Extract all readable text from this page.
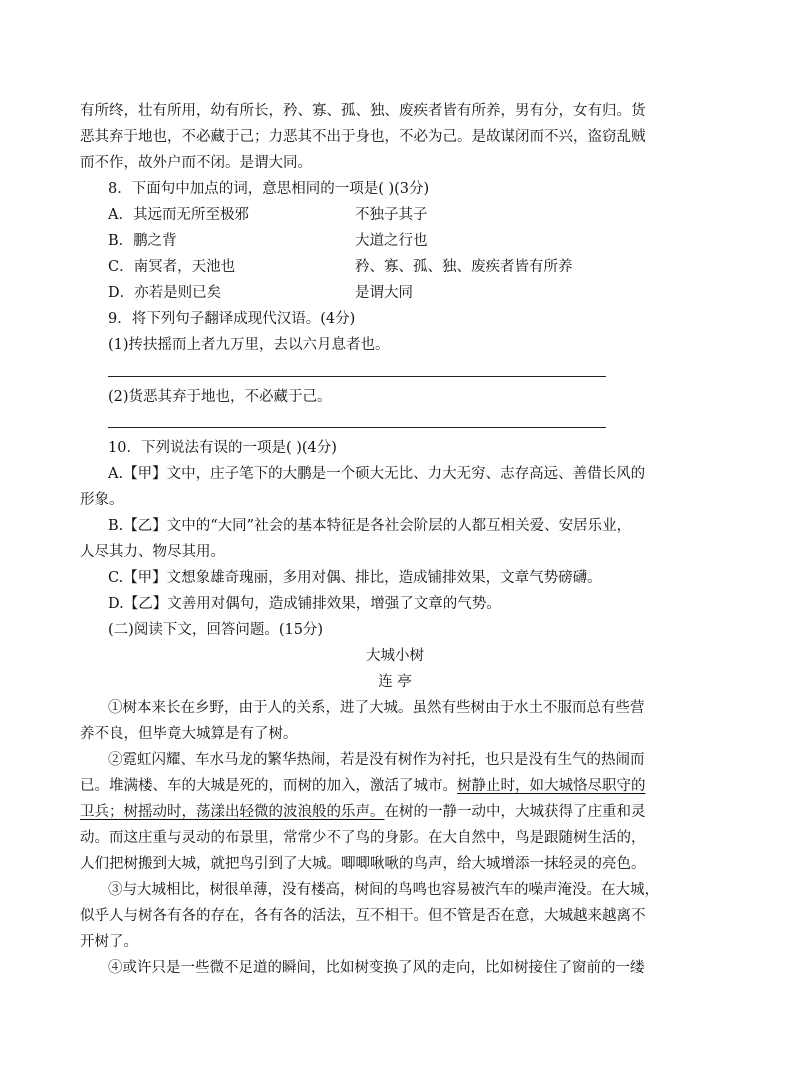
有所终，壮有所用，幼有所长，矜、寡、孤、独、废疾者皆有所养，男有分，女有归。货
恶其弃于地也，不必藏于己；力恶其不出于身也，不必为己。是故谋闭而不兴，盗窃乱贼
而不作，故外户而不闭。是谓大同。
8．下面句中加点的词，意思相同的一项是( )(3分)
A．其远而无所至极邪	不独子其子
B．鹏之背	大道之行也
C．南冥者，天池也	矜、寡、孤、独、废疾者皆有所养
D．亦若是则已矣	是谓大同
9．将下列句子翻译成现代汉语。(4分)
(1)抟扶摇而上者九万里，去以六月息者也。
(2)货恶其弃于地也，不必藏于己。
10．下列说法有误的一项是( )(4分)
A.【甲】文中，庄子笔下的大鹏是一个硕大无比、力大无穷、志存高远、善借长风的
形象。
B.【乙】文中的“大同”社会的基本特征是各社会阶层的人都互相关爱、安居乐业，
人尽其力、物尽其用。
C.【甲】文想象雄奇瑰丽，多用对偶、排比，造成铺排效果，文章气势磅礴。
D.【乙】文善用对偶句，造成铺排效果，增强了文章的气势。
(二)阅读下文，回答问题。(15分)
大城小树
连 亭
①树本来长在乡野，由于人的关系，进了大城。虽然有些树由于水土不服而总有些营
养不良，但毕竟大城算是有了树。
②霓虹闪耀、车水马龙的繁华热闹，若是没有树作为衬托，也只是没有生气的热闹而
已。堆满楼、车的大城是死的，而树的加入，激活了城市。树静止时，如大城恪尽职守的
卫兵；树摇动时，荡漾出轻微的波浪般的乐声。在树的一静一动中，大城获得了庄重和灵
动。而这庄重与灵动的布景里，常常少不了鸟的身影。在大自然中，鸟是跟随树生活的，
人们把树搬到大城，就把鸟引到了大城。唧唧啾啾的鸟声，给大城增添一抹轻灵的亮色。
③与大城相比，树很单薄，没有楼高，树间的鸟鸣也容易被汽车的噪声淹没。在大城，
似乎人与树各有各的存在，各有各的活法，互不相干。但不管是否在意，大城越来越离不
开树了。
④或许只是一些微不足道的瞬间，比如树变换了风的走向，比如树接住了窗前的一缕
